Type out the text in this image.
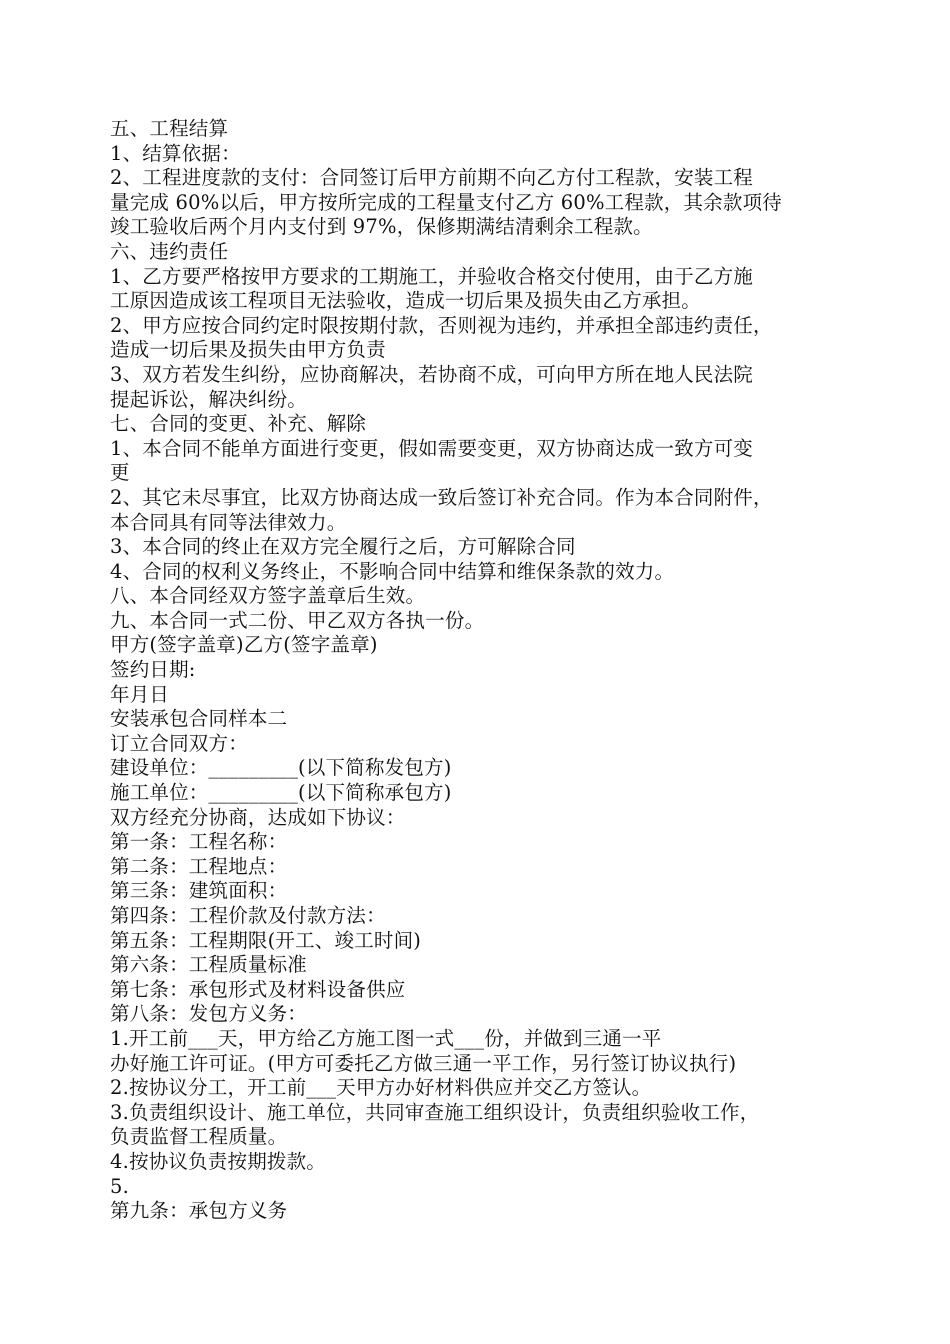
五、工程结算
1、结算依据：
2、工程进度款的支付：合同签订后甲方前期不向乙方付工程款，安装工程
量完成 60%以后，甲方按所完成的工程量支付乙方 60%工程款，其余款项待
竣工验收后两个月内支付到 97%，保修期满结清剩余工程款。
六、违约责任
1、乙方要严格按甲方要求的工期施工，并验收合格交付使用，由于乙方施
工原因造成该工程项目无法验收，造成一切后果及损失由乙方承担。
2、甲方应按合同约定时限按期付款，否则视为违约，并承担全部违约责任，
造成一切后果及损失由甲方负责
3、双方若发生纠纷，应协商解决，若协商不成，可向甲方所在地人民法院
提起诉讼，解决纠纷。
七、合同的变更、补充、解除
1、本合同不能单方面进行变更，假如需要变更，双方协商达成一致方可变
更
2、其它未尽事宜，比双方协商达成一致后签订补充合同。作为本合同附件，
本合同具有同等法律效力。
3、本合同的终止在双方完全履行之后，方可解除合同
4、合同的权利义务终止，不影响合同中结算和维保条款的效力。
八、本合同经双方签字盖章后生效。
九、本合同一式二份、甲乙双方各执一份。
甲方(签字盖章)乙方(签字盖章)
签约日期:
年月日
安装承包合同样本二
订立合同双方：
建设单位：_________(以下简称发包方)
施工单位：_________(以下简称承包方)
双方经充分协商，达成如下协议：
第一条：工程名称：
第二条：工程地点：
第三条：建筑面积：
第四条：工程价款及付款方法：
第五条：工程期限(开工、竣工时间)
第六条：工程质量标准
第七条：承包形式及材料设备供应
第八条：发包方义务：
1.开工前___天，甲方给乙方施工图一式___份，并做到三通一平
办好施工许可证。(甲方可委托乙方做三通一平工作，另行签订协议执行)
2.按协议分工，开工前___天甲方办好材料供应并交乙方签认。
3.负责组织设计、施工单位，共同审查施工组织设计，负责组织验收工作，
负责监督工程质量。
4.按协议负责按期拨款。
5.
第九条：承包方义务
